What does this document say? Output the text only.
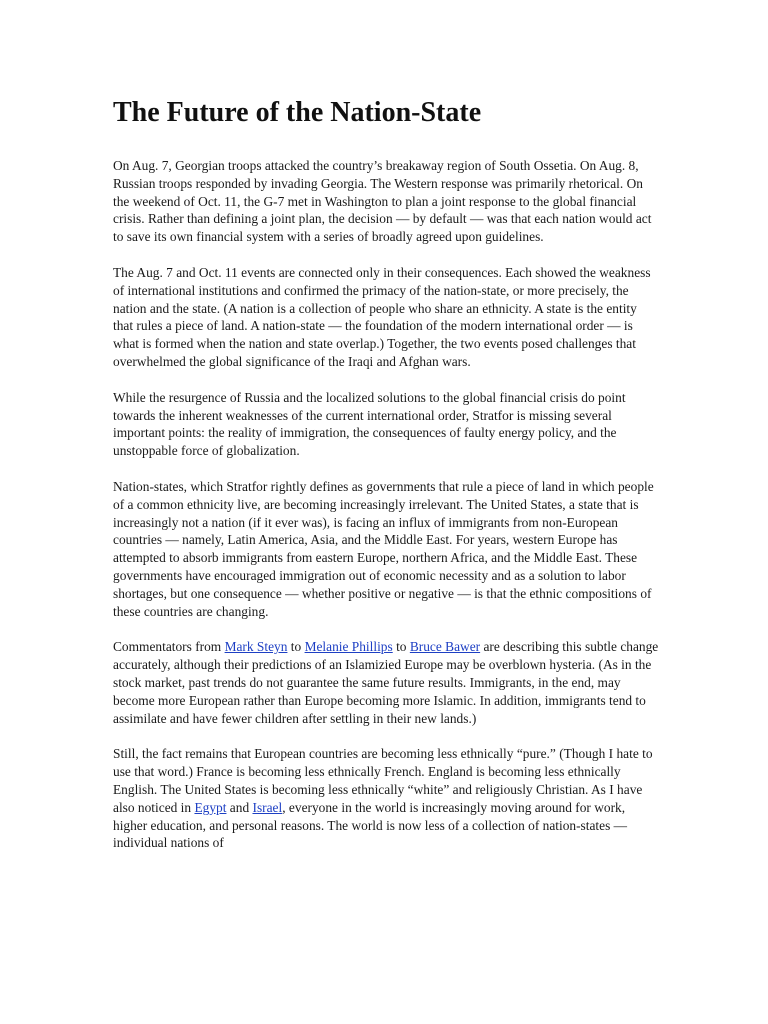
The Future of the Nation-State

On Aug. 7, Georgian troops attacked the country’s breakaway region of South Ossetia. On Aug. 8, Russian troops responded by invading Georgia. The Western response was primarily rhetorical. On the weekend of Oct. 11, the G-7 met in Washington to plan a joint response to the global financial crisis. Rather than defining a joint plan, the decision — by default — was that each nation would act to save its own financial system with a series of broadly agreed upon guidelines.

The Aug. 7 and Oct. 11 events are connected only in their consequences. Each showed the weakness of international institutions and confirmed the primacy of the nation-state, or more precisely, the nation and the state. (A nation is a collection of people who share an ethnicity. A state is the entity that rules a piece of land. A nation-state — the foundation of the modern international order — is what is formed when the nation and state overlap.) Together, the two events posed challenges that overwhelmed the global significance of the Iraqi and Afghan wars.

While the resurgence of Russia and the localized solutions to the global financial crisis do point towards the inherent weaknesses of the current international order, Stratfor is missing several important points: the reality of immigration, the consequences of faulty energy policy, and the unstoppable force of globalization.

Nation-states, which Stratfor rightly defines as governments that rule a piece of land in which people of a common ethnicity live, are becoming increasingly irrelevant. The United States, a state that is increasingly not a nation (if it ever was), is facing an influx of immigrants from non-European countries — namely, Latin America, Asia, and the Middle East. For years, western Europe has attempted to absorb immigrants from eastern Europe, northern Africa, and the Middle East. These governments have encouraged immigration out of economic necessity and as a solution to labor shortages, but one consequence — whether positive or negative — is that the ethnic compositions of these countries are changing.

Commentators from Mark Steyn to Melanie Phillips to Bruce Bawer are describing this subtle change accurately, although their predictions of an Islamizied Europe may be overblown hysteria. (As in the stock market, past trends do not guarantee the same future results. Immigrants, in the end, may become more European rather than Europe becoming more Islamic. In addition, immigrants tend to assimilate and have fewer children after settling in their new lands.)

Still, the fact remains that European countries are becoming less ethnically “pure.” (Though I hate to use that word.) France is becoming less ethnically French. England is becoming less ethnically English. The United States is becoming less ethnically “white” and religiously Christian. As I have also noticed in Egypt and Israel, everyone in the world is increasingly moving around for work, higher education, and personal reasons. The world is now less of a collection of nation-states — individual nations of
